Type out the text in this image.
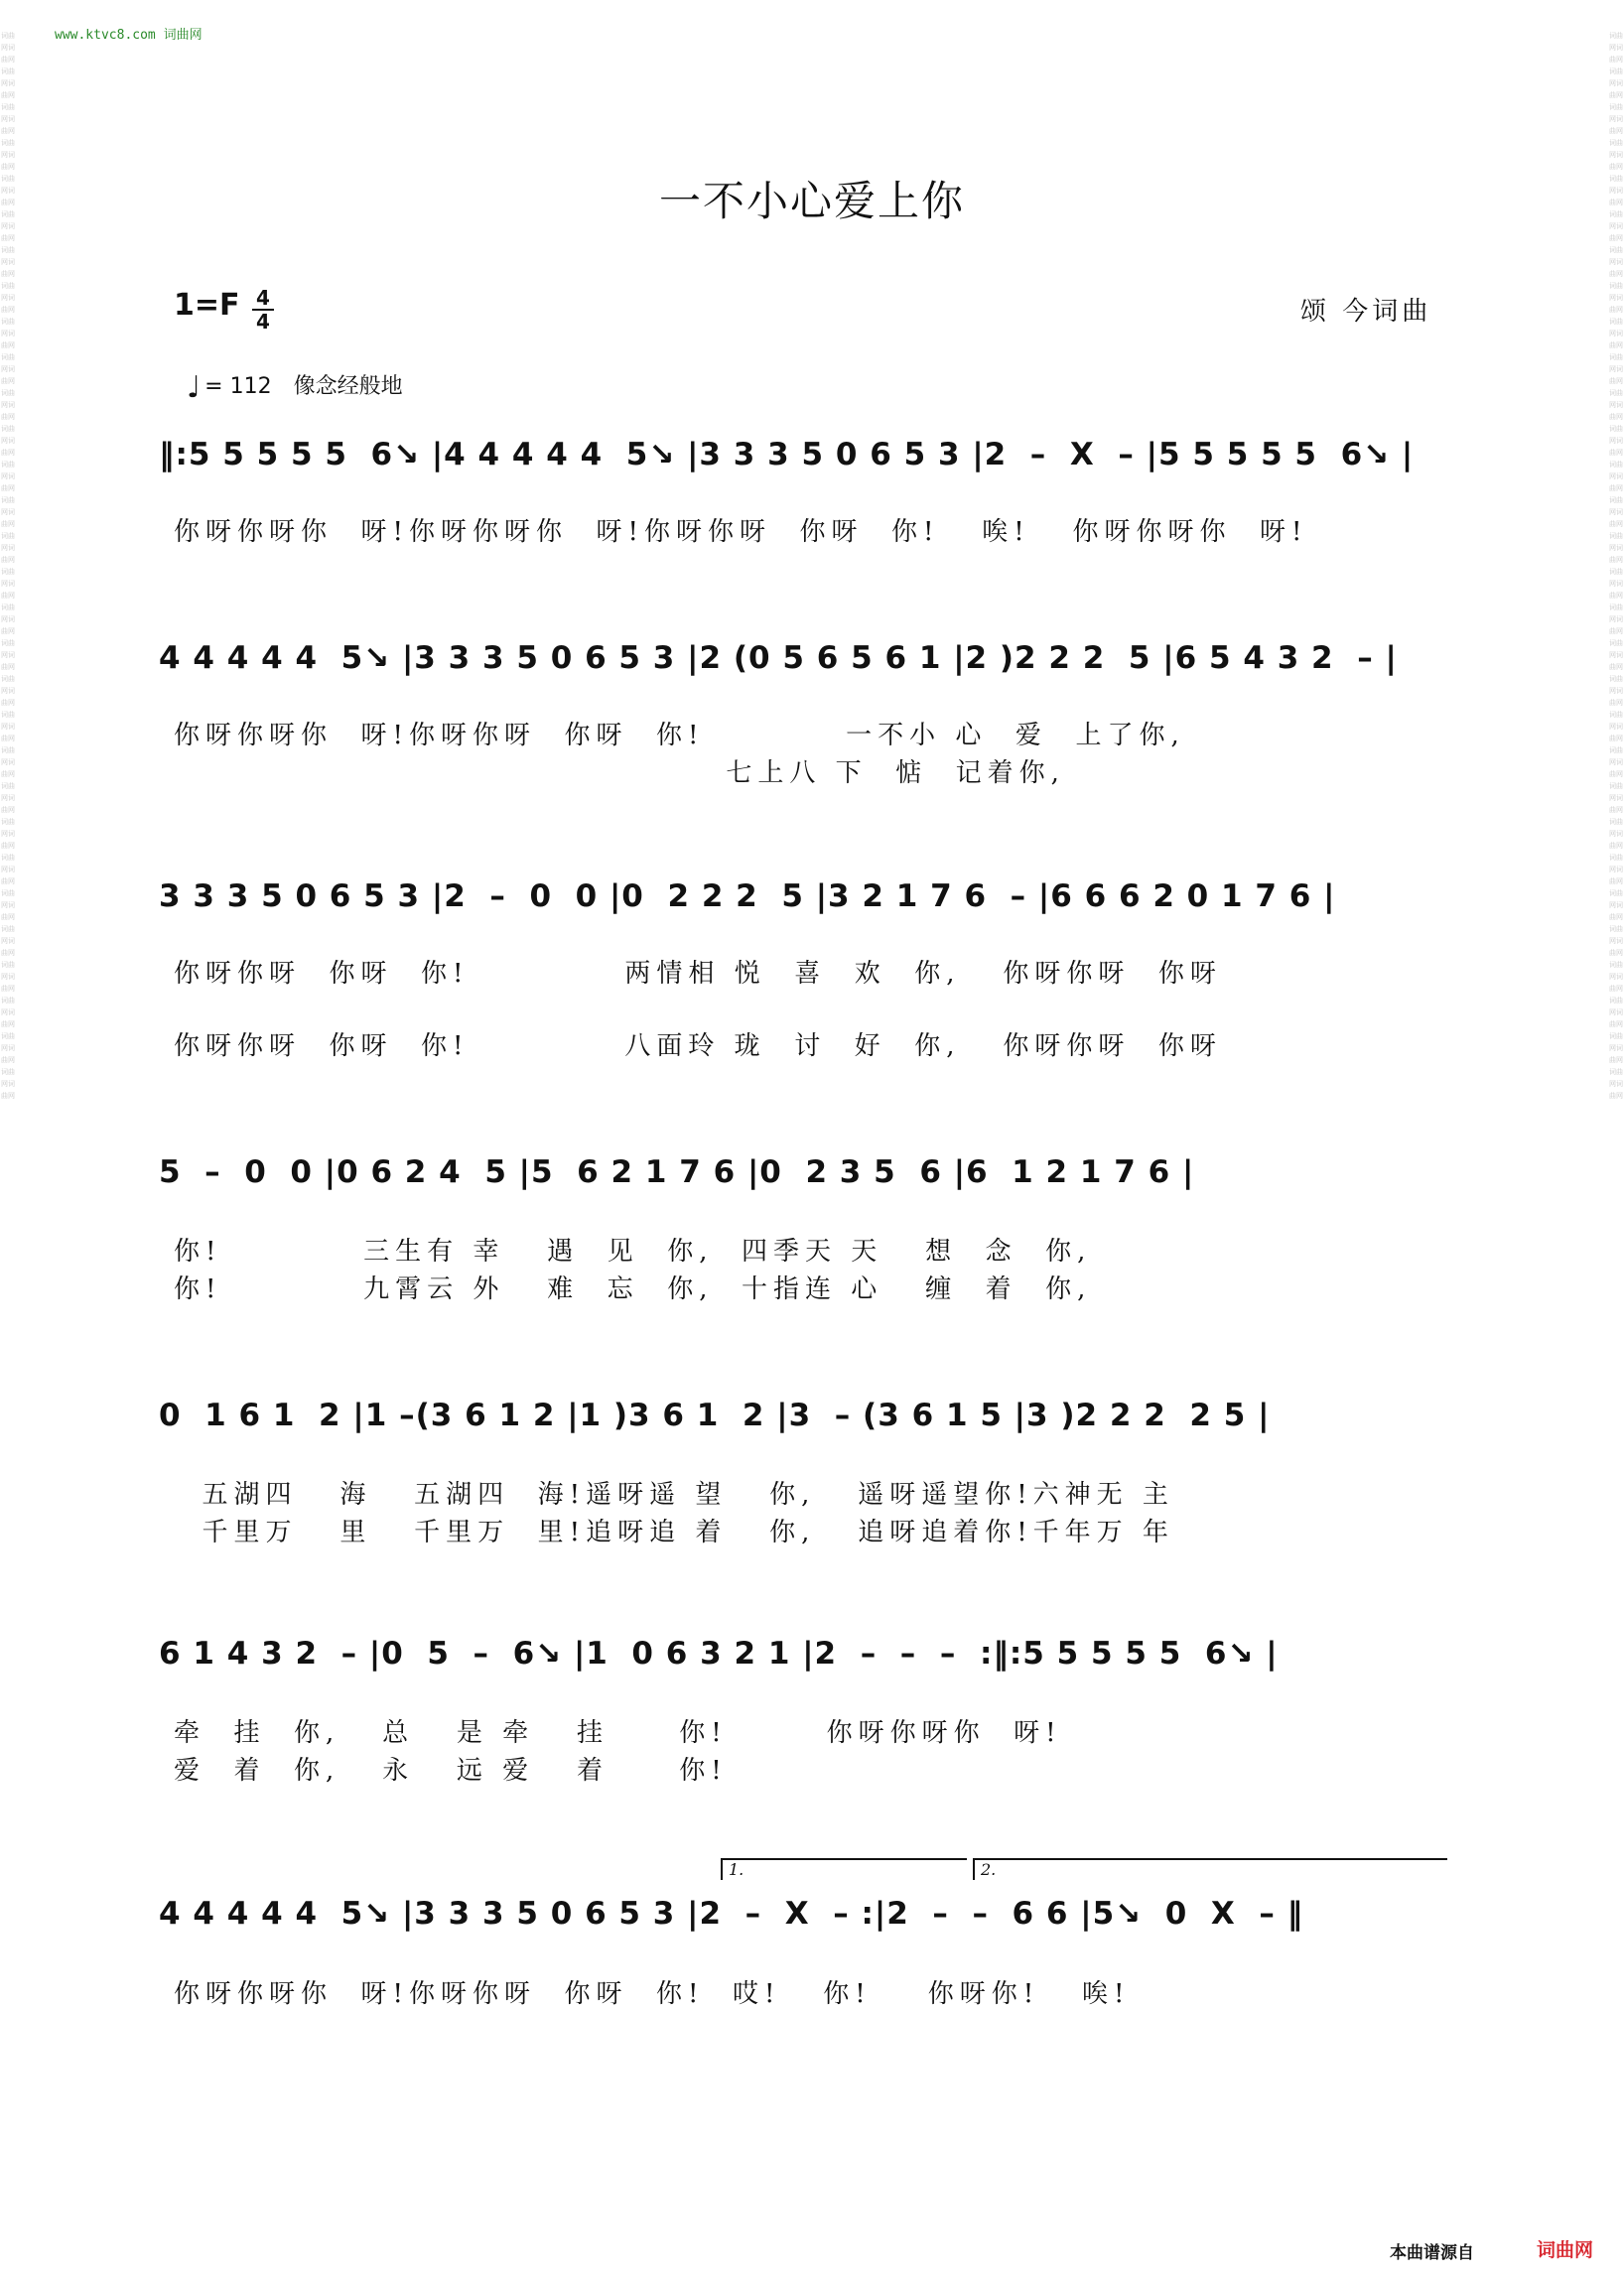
词曲网词曲网词曲网词曲网词曲网词曲网词曲网词曲网词曲网词曲网词曲网词曲网词曲网词曲网词曲网词曲网词曲网词曲网词曲网词曲网词曲网词曲网词曲网词曲网词曲网词曲网词曲网词曲网词曲网词曲网词曲网词曲网词曲网词曲网词曲网词曲网词曲网词曲网词曲网词曲网词曲网词曲网词曲网词曲网词曲网词曲网词曲网词曲网词曲网词曲网词曲网词曲网词曲网词曲网词曲网词曲网词曲网词曲网词曲网词曲网
词曲网词曲网词曲网词曲网词曲网词曲网词曲网词曲网词曲网词曲网词曲网词曲网词曲网词曲网词曲网词曲网词曲网词曲网词曲网词曲网词曲网词曲网词曲网词曲网词曲网词曲网词曲网词曲网词曲网词曲网词曲网词曲网词曲网词曲网词曲网词曲网词曲网词曲网词曲网词曲网词曲网词曲网词曲网词曲网词曲网词曲网词曲网词曲网词曲网词曲网词曲网词曲网词曲网词曲网词曲网词曲网词曲网词曲网词曲网词曲网
www.ktvc8.com 词曲网
一不小心爱上你
1=F 4
4	颂 今词曲
♩ = 112 像念经般地
‖:5 5 5 5 5  6↘ |4 4 4 4 4  5↘ |3 3 3 5 0 6 5 3 |2  –  X  – |5 5 5 5 5  6↘ |
你呀你呀你  呀!你呀你呀你  呀!你呀你呀  你呀  你!   唉!   你呀你呀你  呀!
4 4 4 4 4  5↘ |3 3 3 5 0 6 5 3 |2 (0 5 6 5 6 1 |2 )2 2 2  5 |6 5 4 3 2  – |
你呀你呀你  呀!你呀你呀  你呀  你!          一不小 心  爱  上了你,
七上八 下  惦  记着你,
3 3 3 5 0 6 5 3 |2  –  0  0 |0  2 2 2  5 |3 2 1 7 6  – |6 6 6 2 0 1 7 6 |
你呀你呀  你呀  你!           两情相 悦  喜  欢  你,   你呀你呀  你呀
你呀你呀  你呀  你!           八面玲 珑  讨  好  你,   你呀你呀  你呀
5  –  0  0 |0 6 2 4  5 |5  6 2 1 7 6 |0  2 3 5  6 |6  1 2 1 7 6 |
你!          三生有 幸   遇  见  你,  四季天 天   想  念  你,
你!          九霄云 外   难  忘  你,  十指连 心   缠  着  你,
0  1 6 1  2 |1 –(3 6 1 2 |1 )3 6 1  2 |3  – (3 6 1 5 |3 )2 2 2  2 5 |
五湖四   海   五湖四  海!遥呀遥 望   你,   遥呀遥望你!六神无 主
千里万   里   千里万  里!追呀追 着   你,   追呀追着你!千年万 年
6 1 4 3 2  – |0  5  –  6↘ |1  0 6 3 2 1 |2  –  –  –  :‖:5 5 5 5 5  6↘ |
牵  挂  你,   总   是 牵   挂     你!       你呀你呀你  呀!
爱  着  你,   永   远 爱   着     你!
1.	2.
4 4 4 4 4  5↘ |3 3 3 5 0 6 5 3 |2  –  X  – :|2  –  –  6 6 |5↘  0  X  – ‖
你呀你呀你  呀!你呀你呀  你呀  你!  哎!   你!    你呀你!   唉!
本曲谱源自	词曲网
